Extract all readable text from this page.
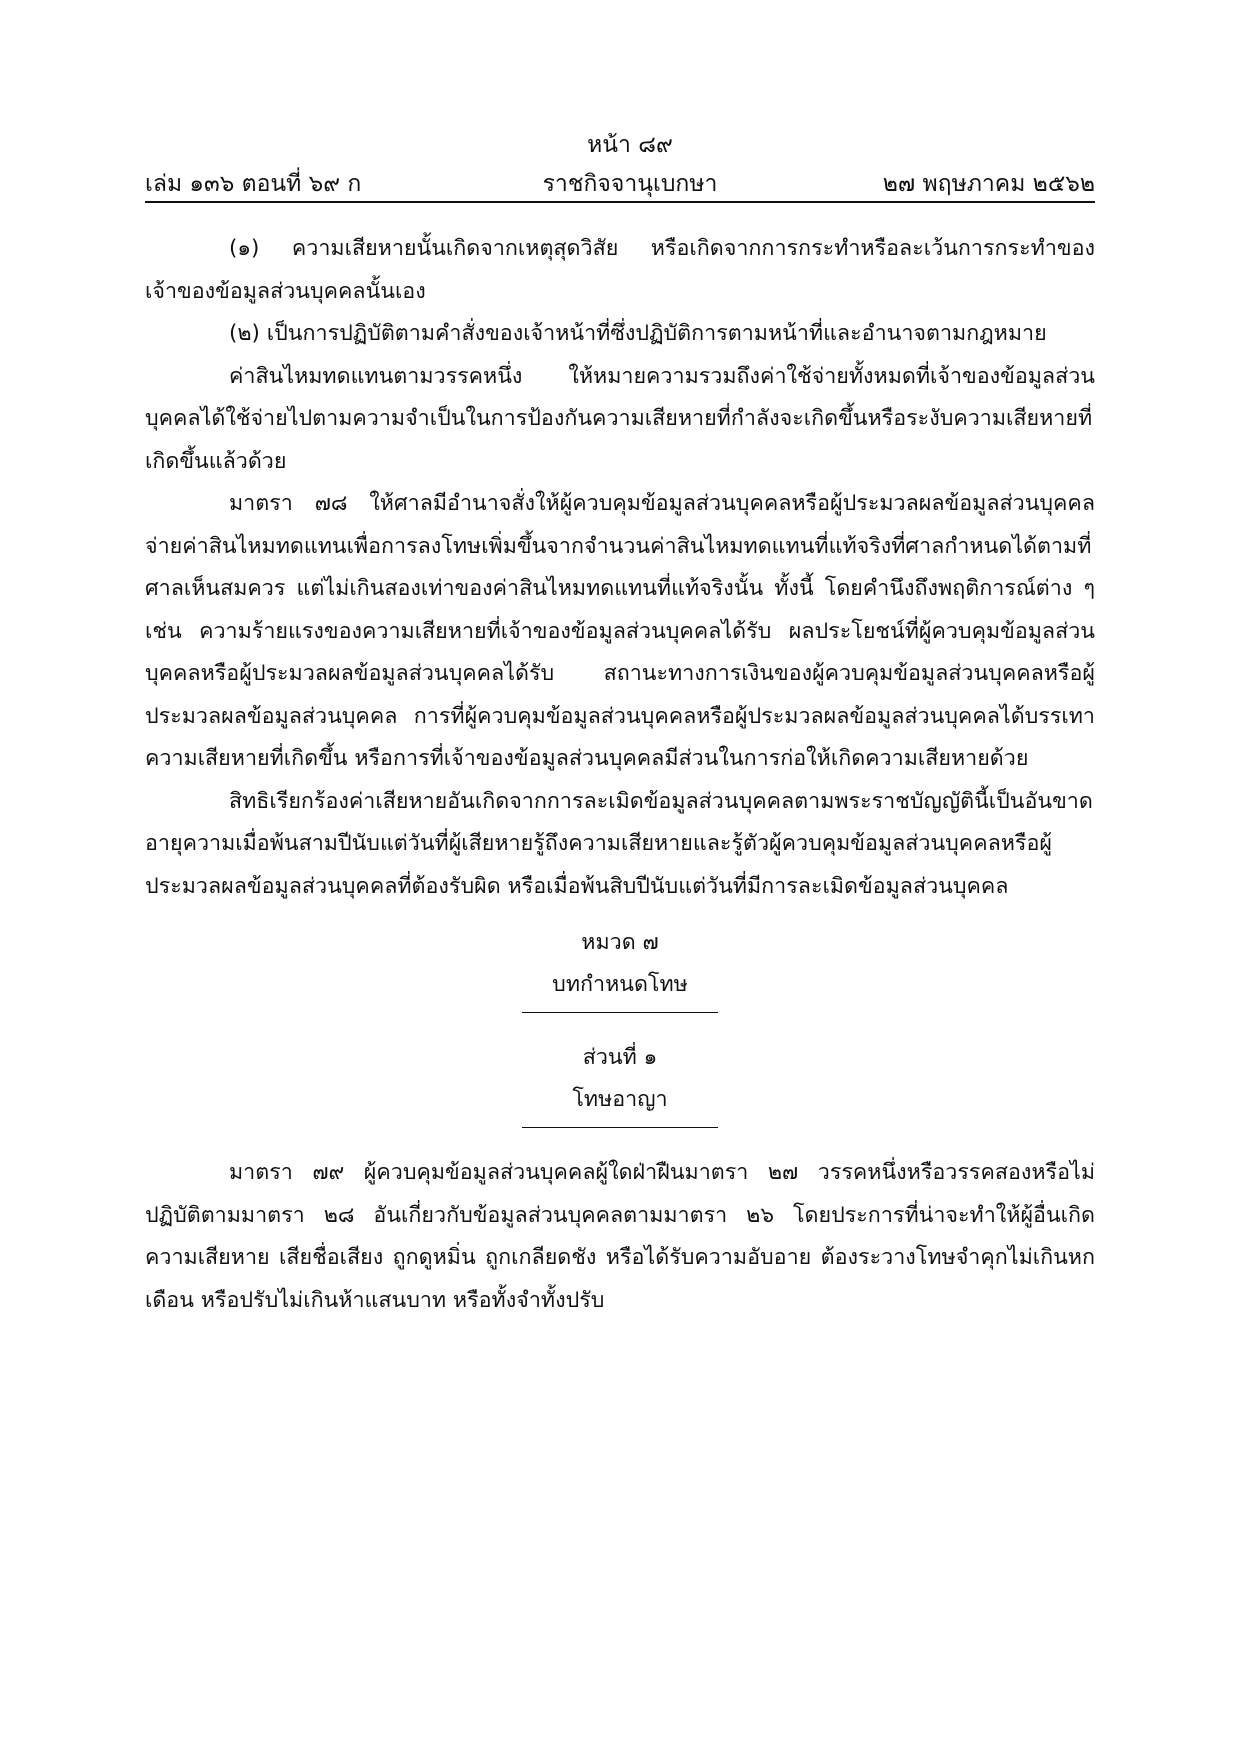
หน้า ๘๙
เล่ม ๑๓๖ ตอนที่ ๖๙ ก	ราชกิจจานุเบกษา	๒๗ พฤษภาคม ๒๕๖๒

(๑) ความเสียหายนั้นเกิดจากเหตุสุดวิสัย หรือเกิดจากการกระทำหรือละเว้นการกระทำของเจ้าของข้อมูลส่วนบุคคลนั้นเอง

(๒) เป็นการปฏิบัติตามคำสั่งของเจ้าหน้าที่ซึ่งปฏิบัติการตามหน้าที่และอำนาจตามกฎหมาย

ค่าสินไหมทดแทนตามวรรคหนึ่ง ให้หมายความรวมถึงค่าใช้จ่ายทั้งหมดที่เจ้าของข้อมูลส่วนบุคคลได้ใช้จ่ายไปตามความจำเป็นในการป้องกันความเสียหายที่กำลังจะเกิดขึ้นหรือระงับความเสียหายที่เกิดขึ้นแล้วด้วย

มาตรา ๗๘ ให้ศาลมีอำนาจสั่งให้ผู้ควบคุมข้อมูลส่วนบุคคลหรือผู้ประมวลผลข้อมูลส่วนบุคคลจ่ายค่าสินไหมทดแทนเพื่อการลงโทษเพิ่มขึ้นจากจำนวนค่าสินไหมทดแทนที่แท้จริงที่ศาลกำหนดได้ตามที่ศาลเห็นสมควร แต่ไม่เกินสองเท่าของค่าสินไหมทดแทนที่แท้จริงนั้น ทั้งนี้ โดยคำนึงถึงพฤติการณ์ต่าง ๆ เช่น ความร้ายแรงของความเสียหายที่เจ้าของข้อมูลส่วนบุคคลได้รับ ผลประโยชน์ที่ผู้ควบคุมข้อมูลส่วนบุคคลหรือผู้ประมวลผลข้อมูลส่วนบุคคลได้รับ สถานะทางการเงินของผู้ควบคุมข้อมูลส่วนบุคคลหรือผู้ประมวลผลข้อมูลส่วนบุคคล การที่ผู้ควบคุมข้อมูลส่วนบุคคลหรือผู้ประมวลผลข้อมูลส่วนบุคคลได้บรรเทาความเสียหายที่เกิดขึ้น หรือการที่เจ้าของข้อมูลส่วนบุคคลมีส่วนในการก่อให้เกิดความเสียหายด้วย

สิทธิเรียกร้องค่าเสียหายอันเกิดจากการละเมิดข้อมูลส่วนบุคคลตามพระราชบัญญัตินี้เป็นอันขาดอายุความเมื่อพ้นสามปีนับแต่วันที่ผู้เสียหายรู้ถึงความเสียหายและรู้ตัวผู้ควบคุมข้อมูลส่วนบุคคลหรือผู้ประมวลผลข้อมูลส่วนบุคคลที่ต้องรับผิด หรือเมื่อพ้นสิบปีนับแต่วันที่มีการละเมิดข้อมูลส่วนบุคคล

หมวด ๗
บทกำหนดโทษ
ส่วนที่ ๑
โทษอาญา

มาตรา ๗๙ ผู้ควบคุมข้อมูลส่วนบุคคลผู้ใดฝ่าฝืนมาตรา ๒๗ วรรคหนึ่งหรือวรรคสองหรือไม่ปฏิบัติตามมาตรา ๒๘ อันเกี่ยวกับข้อมูลส่วนบุคคลตามมาตรา ๒๖ โดยประการที่น่าจะทำให้ผู้อื่นเกิดความเสียหาย เสียชื่อเสียง ถูกดูหมิ่น ถูกเกลียดชัง หรือได้รับความอับอาย ต้องระวางโทษจำคุกไม่เกินหกเดือน หรือปรับไม่เกินห้าแสนบาท หรือทั้งจำทั้งปรับ
